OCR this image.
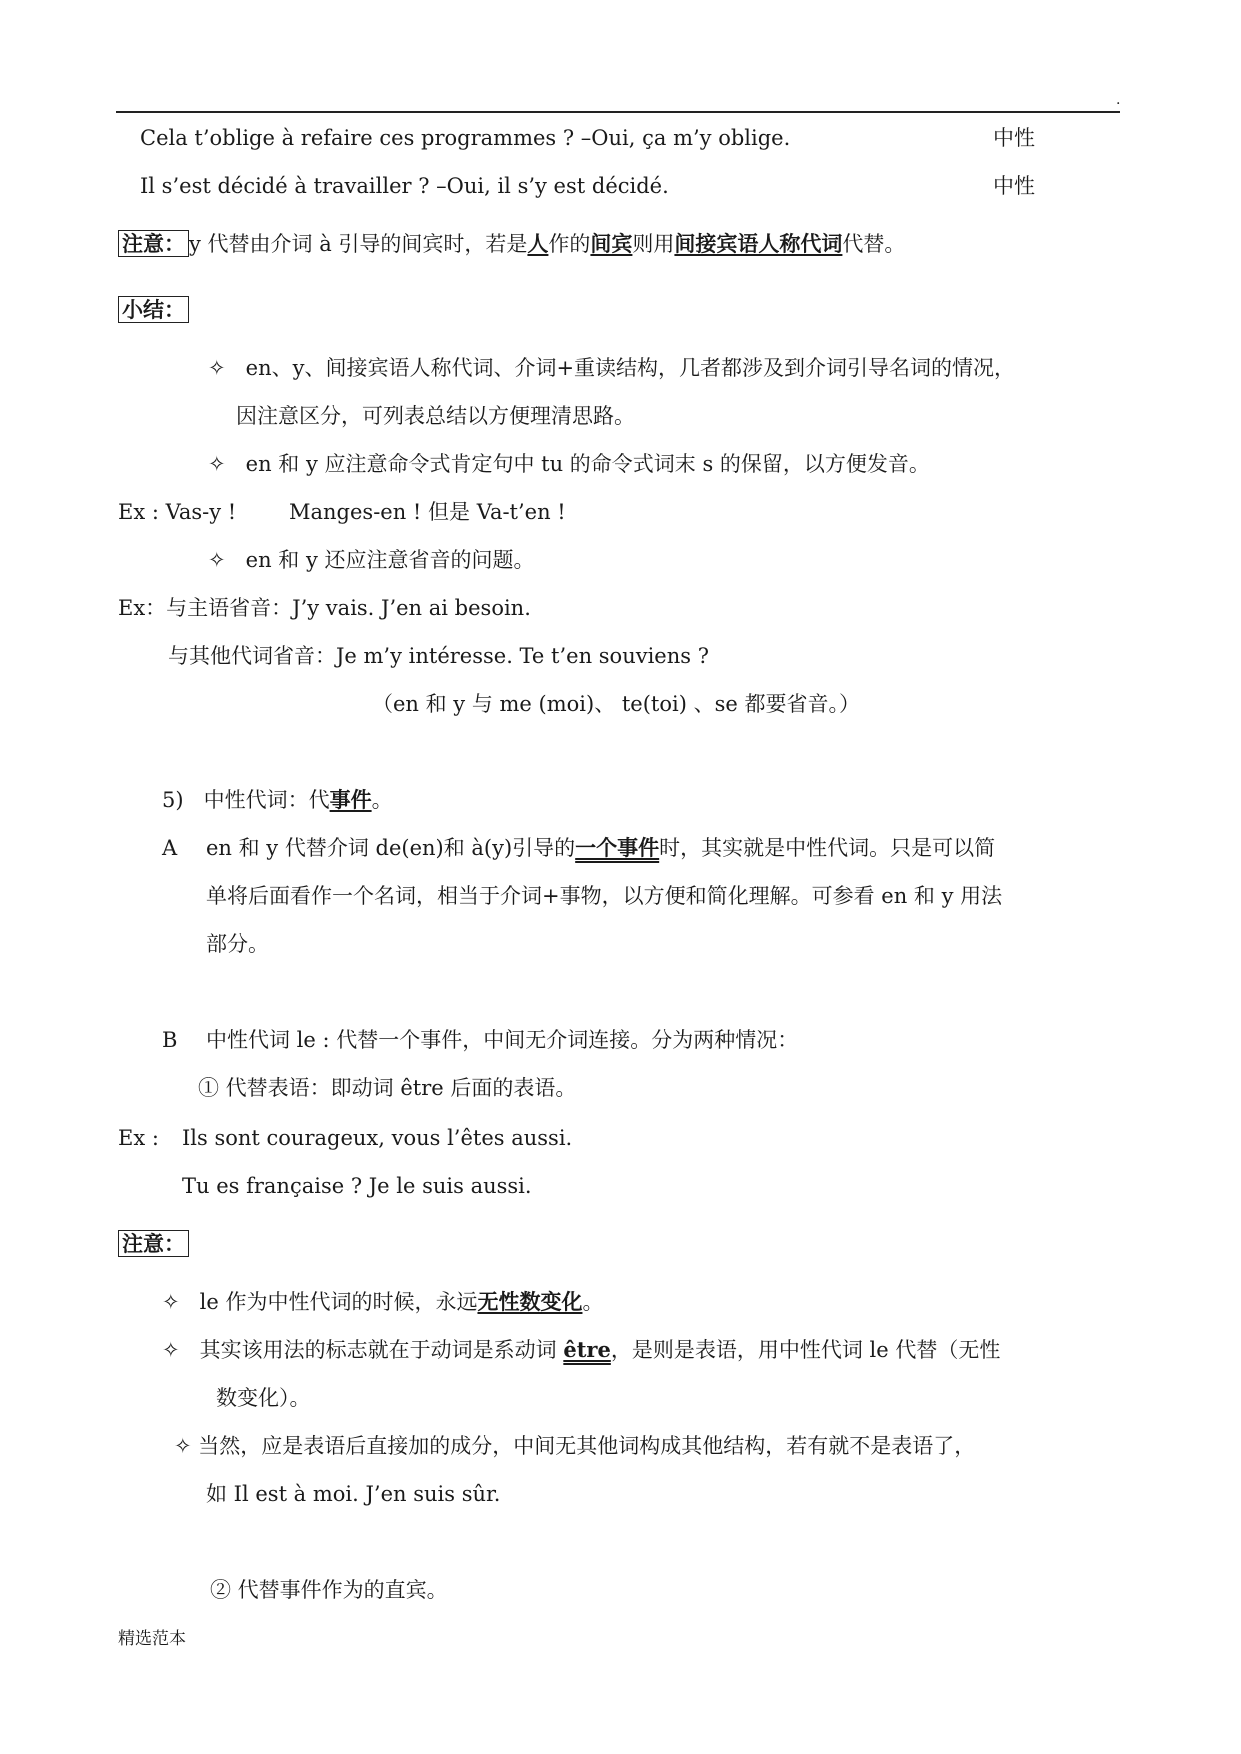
.
Cela t’oblige à refaire ces programmes ? –Oui, ça m’y oblige.	中性
Il s’est décidé à travailler ? –Oui, il s’y est décidé.	中性
注意： y 代替由介词 à 引导的间宾时，若是人作的间宾则用间接宾语人称代词代替。
小结：
✧ en、y、间接宾语人称代词、介词+重读结构，几者都涉及到介词引导名词的情况，
因注意区分，可列表总结以方便理清思路。
✧ en 和 y 应注意命令式肯定句中 tu 的命令式词末 s 的保留，以方便发音。
Ex : Vas-y !	Manges-en ! 但是 Va-t’en !
✧ en 和 y 还应注意省音的问题。
Ex：与主语省音：J’y vais. J’en ai besoin.
与其他代词省音：Je m’y intéresse. Te t’en souviens ?
（en 和 y 与 me (moi)、 te(toi) 、se 都要省音。）
5) 中性代词：代事件。
A en 和 y 代替介词 de(en)和 à(y)引导的一个事件时，其实就是中性代词。只是可以简
单将后面看作一个名词，相当于介词+事物，以方便和简化理解。可参看 en 和 y 用法
部分。
B 中性代词 le : 代替一个事件，中间无介词连接。分为两种情况：
① 代替表语：即动词 être 后面的表语。
Ex : Ils sont courageux, vous l’êtes aussi.
Tu es française ? Je le suis aussi.
注意：
✧ le 作为中性代词的时候，永远无性数变化。
✧ 其实该用法的标志就在于动词是系动词 être，是则是表语，用中性代词 le 代替（无性
数变化）。
✧ 当然，应是表语后直接加的成分，中间无其他词构成其他结构，若有就不是表语了，
如 Il est à moi. J’en suis sûr.
② 代替事件作为的直宾。
精选范本
